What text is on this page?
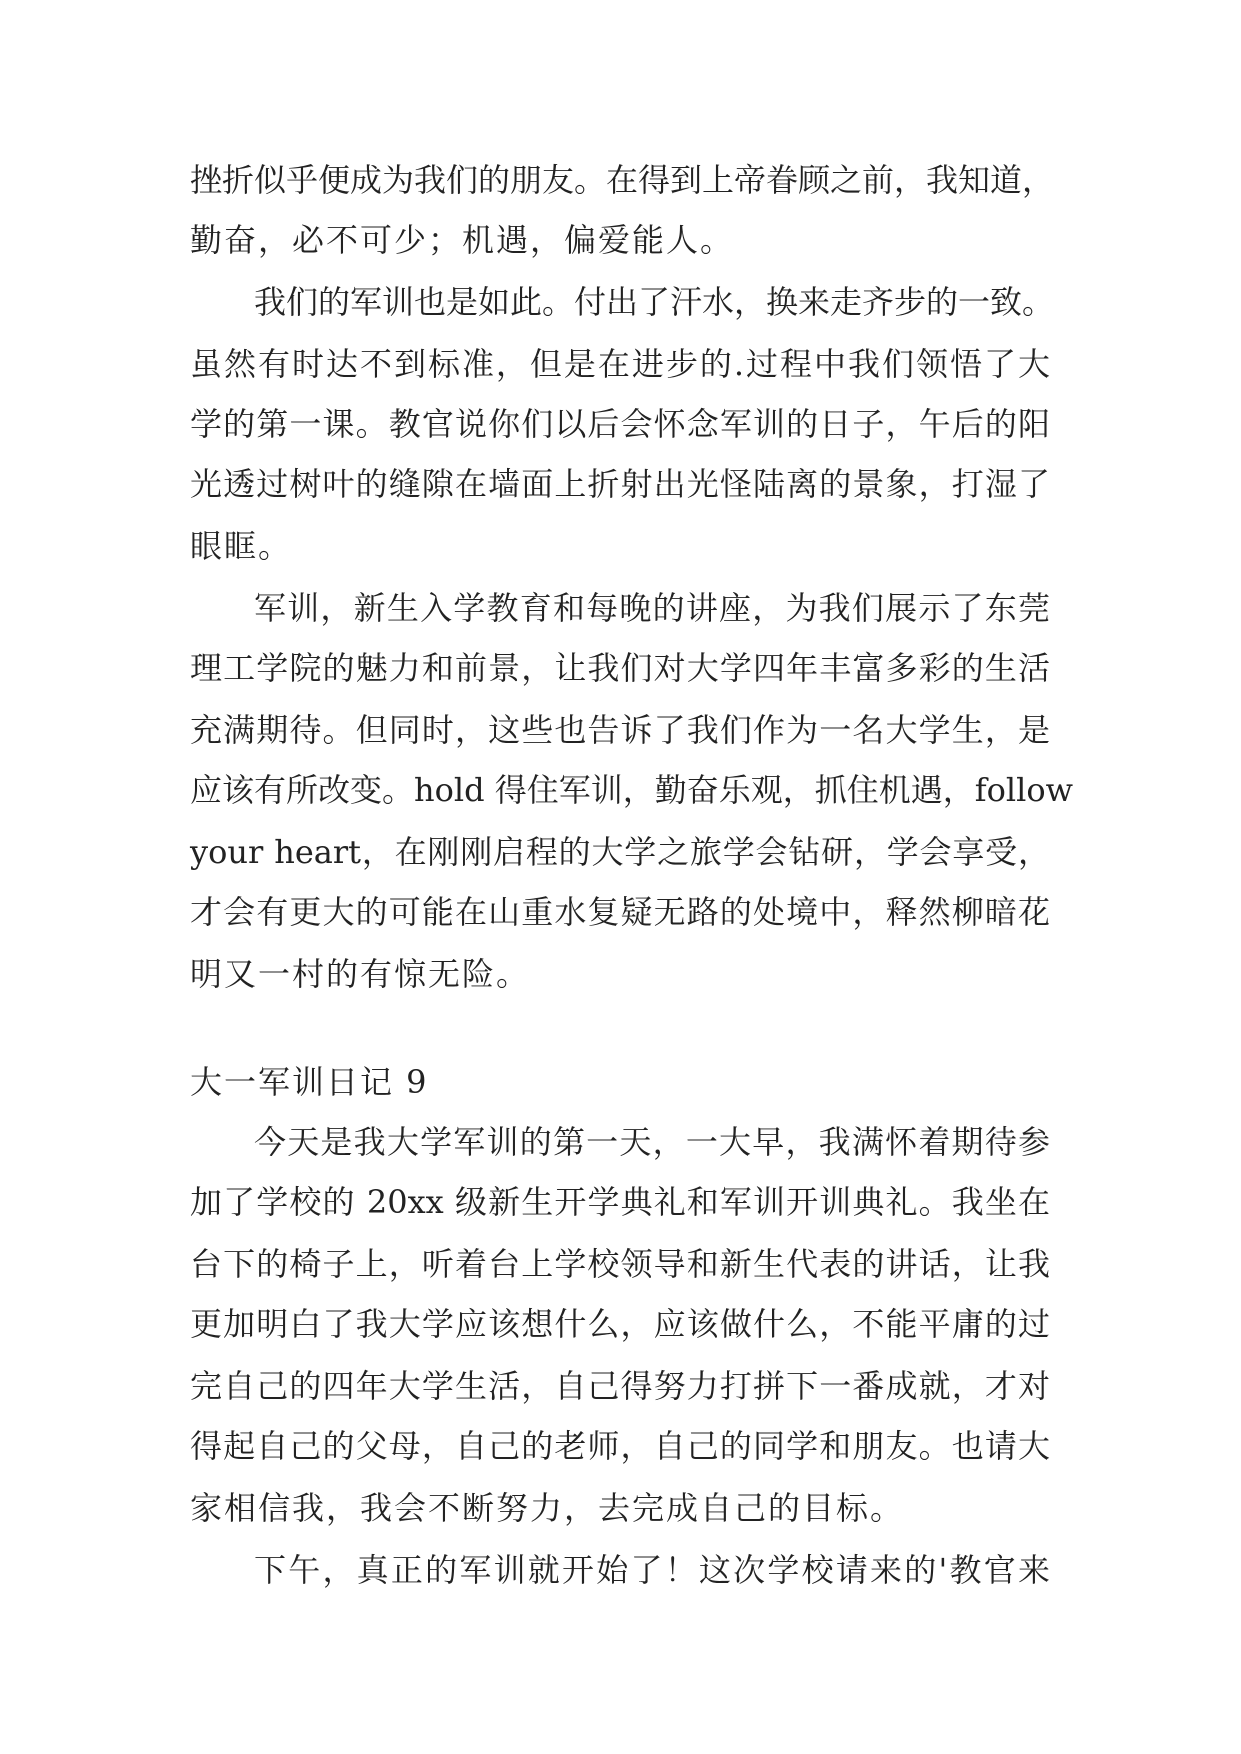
挫折似乎便成为我们的朋友。在得到上帝眷顾之前，我知道，
勤奋，必不可少；机遇，偏爱能人。
我们的军训也是如此。付出了汗水，换来走齐步的一致。
虽然有时达不到标准，但是在进步的.过程中我们领悟了大
学的第一课。教官说你们以后会怀念军训的日子，午后的阳
光透过树叶的缝隙在墙面上折射出光怪陆离的景象，打湿了
眼眶。
军训，新生入学教育和每晚的讲座，为我们展示了东莞
理工学院的魅力和前景，让我们对大学四年丰富多彩的生活
充满期待。但同时，这些也告诉了我们作为一名大学生，是
应该有所改变。hold 得住军训，勤奋乐观，抓住机遇，follow
your heart，在刚刚启程的大学之旅学会钻研，学会享受，
才会有更大的可能在山重水复疑无路的处境中，释然柳暗花
明又一村的有惊无险。
大一军训日记 9
今天是我大学军训的第一天，一大早，我满怀着期待参
加了学校的 20xx 级新生开学典礼和军训开训典礼。我坐在
台下的椅子上，听着台上学校领导和新生代表的讲话，让我
更加明白了我大学应该想什么，应该做什么，不能平庸的过
完自己的四年大学生活，自己得努力打拼下一番成就，才对
得起自己的父母，自己的老师，自己的同学和朋友。也请大
家相信我，我会不断努力，去完成自己的目标。
下午，真正的军训就开始了！这次学校请来的'教官来
